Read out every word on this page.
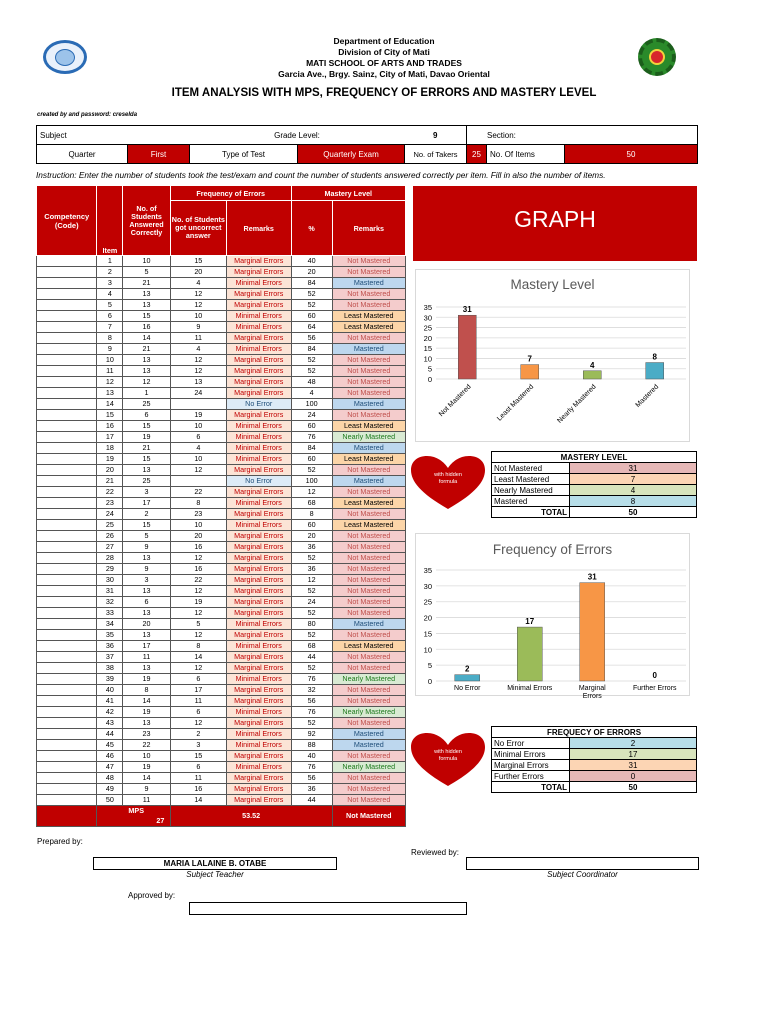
Department of Education
Division of City of Mati
MATI SCHOOL OF ARTS AND TRADES
Garcia Ave., Brgy. Sainz, City of Mati, Davao Oriental
ITEM ANALYSIS WITH MPS, FREQUENCY OF ERRORS AND MASTERY LEVEL
created by and password: creselda
Subject		Grade Level:		9	Section:		
Quarter	First	Type of Test	Quarterly Exam	No. of Takers	25	No. Of Items	50
Instruction: Enter the number of students took the test/exam and count the number of students answered correctly per item. Fill in also the number of items.
Competency (Code)	Item	No. of Students Answered Correctly	Frequency of Errors		Mastery Level	
			No. of Students got uncorrect answer	Remarks	%	Remarks
	1	10	15	Marginal Errors	40	Not Mastered
	2	5	20	Marginal Errors	20	Not Mastered
	3	21	4	Minimal Errors	84	Mastered
	4	13	12	Marginal Errors	52	Not Mastered
	5	13	12	Marginal Errors	52	Not Mastered
	6	15	10	Minimal Errors	60	Least Mastered
	7	16	9	Minimal Errors	64	Least Mastered
	8	14	11	Marginal Errors	56	Not Mastered
	9	21	4	Minimal Errors	84	Mastered
	10	13	12	Marginal Errors	52	Not Mastered
	11	13	12	Marginal Errors	52	Not Mastered
	12	12	13	Marginal Errors	48	Not Mastered
	13	1	24	Marginal Errors	4	Not Mastered
	14	25		No Error	100	Mastered
	15	6	19	Marginal Errors	24	Not Mastered
	16	15	10	Minimal Errors	60	Least Mastered
	17	19	6	Minimal Errors	76	Nearly Mastered
	18	21	4	Minimal Errors	84	Mastered
	19	15	10	Minimal Errors	60	Least Mastered
	20	13	12	Marginal Errors	52	Not Mastered
	21	25		No Error	100	Mastered
	22	3	22	Marginal Errors	12	Not Mastered
	23	17	8	Minimal Errors	68	Least Mastered
	24	2	23	Marginal Errors	8	Not Mastered
	25	15	10	Minimal Errors	60	Least Mastered
	26	5	20	Marginal Errors	20	Not Mastered
	27	9	16	Marginal Errors	36	Not Mastered
	28	13	12	Marginal Errors	52	Not Mastered
	29	9	16	Marginal Errors	36	Not Mastered
	30	3	22	Marginal Errors	12	Not Mastered
	31	13	12	Marginal Errors	52	Not Mastered
	32	6	19	Marginal Errors	24	Not Mastered
	33	13	12	Marginal Errors	52	Not Mastered
	34	20	5	Minimal Errors	80	Mastered
	35	13	12	Marginal Errors	52	Not Mastered
	36	17	8	Minimal Errors	68	Least Mastered
	37	11	14	Marginal Errors	44	Not Mastered
	38	13	12	Marginal Errors	52	Not Mastered
	39	19	6	Minimal Errors	76	Nearly Mastered
	40	8	17	Marginal Errors	32	Not Mastered
	41	14	11	Marginal Errors	56	Not Mastered
	42	19	6	Minimal Errors	76	Nearly Mastered
	43	13	12	Marginal Errors	52	Not Mastered
	44	23	2	Minimal Errors	92	Mastered
	45	22	3	Minimal Errors	88	Mastered
	46	10	15	Marginal Errors	40	Not Mastered
	47	19	6	Minimal Errors	76	Nearly Mastered
	48	14	11	Marginal Errors	56	Not Mastered
	49	9	16	Marginal Errors	36	Not Mastered
	50	11	14	Marginal Errors	44	Not Mastered
	MPS 27		53.52			Not Mastered
GRAPH
Mastery Level
0
5
10
15
20
25
30
35	31
Not Mastered
7
Least Mastered
4
Nearly Mastered
8
Mastered
with hidden formula
MASTERY LEVEL	
Not Mastered	31
Least Mastered	7
Nearly Mastered	4
Mastered	8
TOTAL	50
Frequency of Errors
0
5
10
15
20
25
30
35
2
No Error
17
Minimal Errors
31
Marginal Errors
0
Further Errors
with hidden formula
FREQUECY OF ERRORS	
No Error	2
Minimal Errors	17
Marginal Errors	31
Further Errors	0
TOTAL	50
Prepared by:
MARIA LALAINE B. OTABE
Subject Teacher
Reviewed by:
Subject Coordinator
Approved by:
